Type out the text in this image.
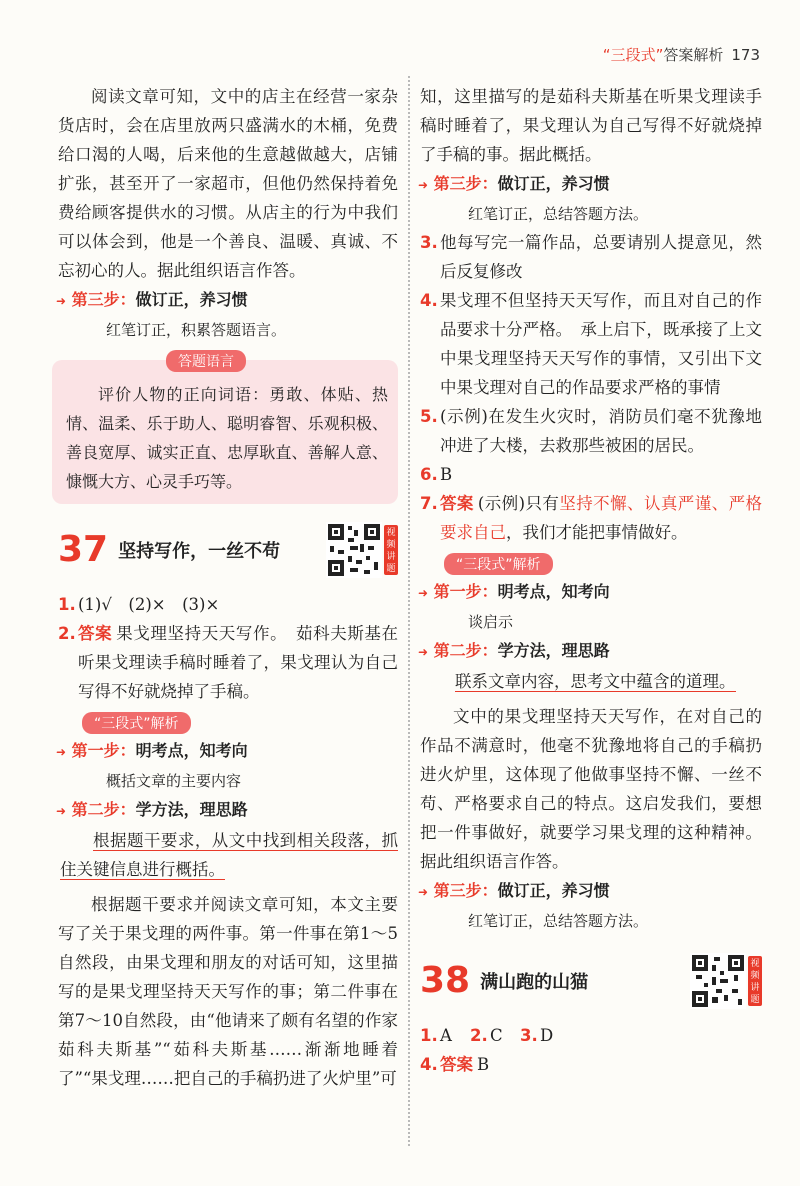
“三段式”答案解析 173

阅读文章可知，文中的店主在经营一家杂货店时，会在店里放两只盛满水的木桶，免费给口渴的人喝，后来他的生意越做越大，店铺扩张，甚至开了一家超市，但他仍然保持着免费给顾客提供水的习惯。从店主的行为中我们可以体会到，他是一个善良、温暖、真诚、不忘初心的人。据此组织语言作答。

➜ 第三步：做订正，养习惯
红笔订正，积累答题语言。
答题语言

评价人物的正向词语：勇敢、体贴、热情、温柔、乐于助人、聪明睿智、乐观积极、善良宽厚、诚实正直、忠厚耿直、善解人意、慷慨大方、心灵手巧等。

37 坚持写作，一丝不苟
视频讲题
1. (1)√　(2)×　(3)×
2. 答案 果戈理坚持天天写作。　茹科夫斯基在听果戈理读手稿时睡着了，果戈理认为自己写得不好就烧掉了手稿。
“三段式”解析
➜ 第一步：明考点，知考向
概括文章的主要内容
➜ 第二步：学方法，理思路

根据题干要求，从文中找到相关段落，抓住关键信息进行概括。

根据题干要求并阅读文章可知，本文主要写了关于果戈理的两件事。第一件事在第1～5自然段，由果戈理和朋友的对话可知，这里描写的是果戈理坚持天天写作的事；第二件事在第7～10自然段，由“他请来了颇有名望的作家茹科夫斯基”“茹科夫斯基……渐渐地睡着了”“果戈理……把自己的手稿扔进了火炉里”可

知，这里描写的是茹科夫斯基在听果戈理读手稿时睡着了，果戈理认为自己写得不好就烧掉了手稿的事。据此概括。

➜ 第三步：做订正，养习惯
红笔订正，总结答题方法。
3. 他每写完一篇作品，总要请别人提意见，然后反复修改
4. 果戈理不但坚持天天写作，而且对自己的作品要求十分严格。　承上启下，既承接了上文中果戈理坚持天天写作的事情，又引出下文中果戈理对自己的作品要求严格的事情
5. (示例)在发生火灾时，消防员们毫不犹豫地冲进了大楼，去救那些被困的居民。
6. B
7. 答案 (示例)只有坚持不懈、认真严谨、严格要求自己，我们才能把事情做好。
“三段式”解析
➜ 第一步：明考点，知考向
谈启示
➜ 第二步：学方法，理思路

联系文章内容，思考文中蕴含的道理。

文中的果戈理坚持天天写作，在对自己的作品不满意时，他毫不犹豫地将自己的手稿扔进火炉里，这体现了他做事坚持不懈、一丝不苟、严格要求自己的特点。这启发我们，要想把一件事做好，就要学习果戈理的这种精神。据此组织语言作答。

➜ 第三步：做订正，养习惯
红笔订正，总结答题方法。
38 满山跑的山猫
视频讲题
1. A	2. C	3. D
4. 答案 B
